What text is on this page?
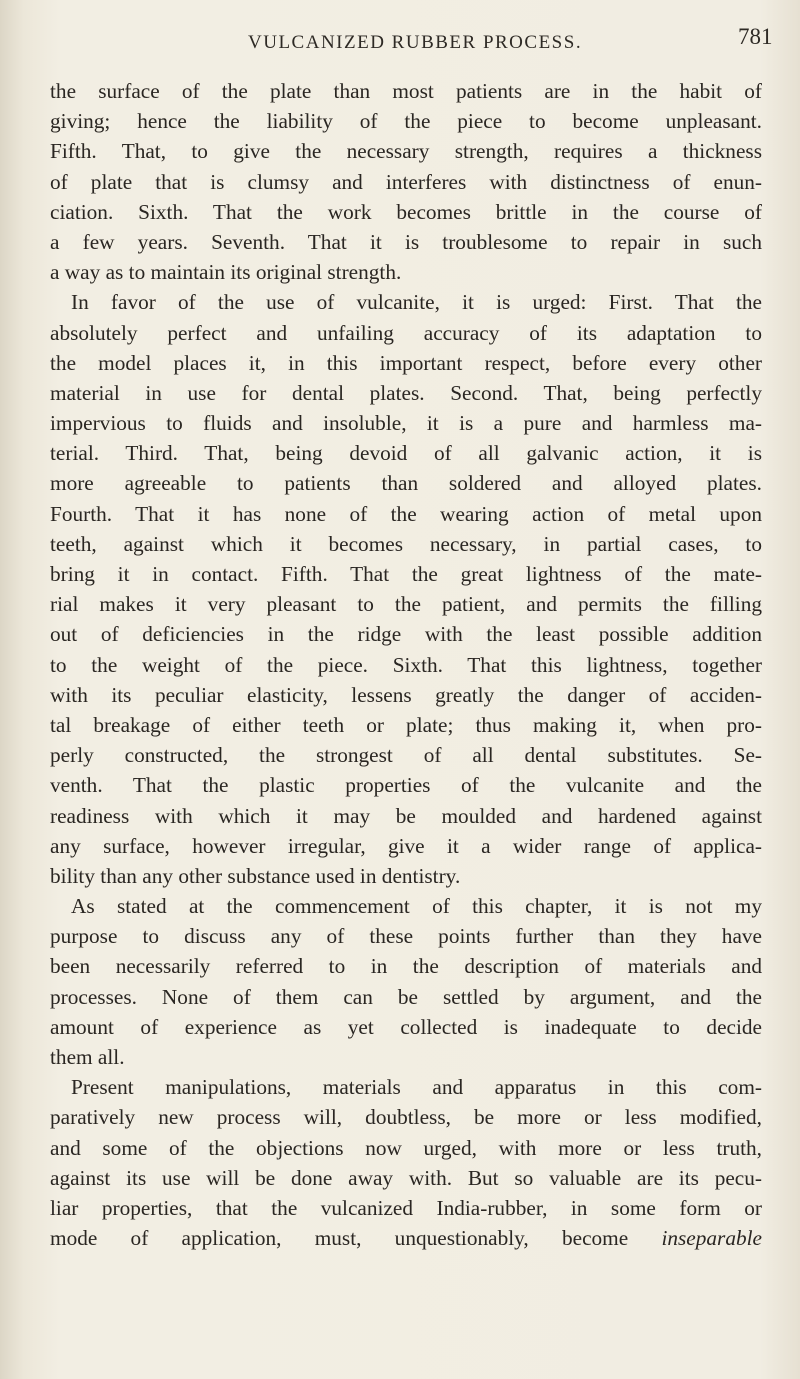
VULCANIZED RUBBER PROCESS.	781
the surface of the plate than most patients are in the habit of
giving; hence the liability of the piece to become unpleasant.
Fifth. That, to give the necessary strength, requires a thickness
of plate that is clumsy and interferes with distinctness of enun-
ciation. Sixth. That the work becomes brittle in the course of
a few years. Seventh. That it is troublesome to repair in such
a way as to maintain its original strength.
In favor of the use of vulcanite, it is urged: First. That the
absolutely perfect and unfailing accuracy of its adaptation to
the model places it, in this important respect, before every other
material in use for dental plates. Second. That, being perfectly
impervious to fluids and insoluble, it is a pure and harmless ma-
terial. Third. That, being devoid of all galvanic action, it is
more agreeable to patients than soldered and alloyed plates.
Fourth. That it has none of the wearing action of metal upon
teeth, against which it becomes necessary, in partial cases, to
bring it in contact. Fifth. That the great lightness of the mate-
rial makes it very pleasant to the patient, and permits the filling
out of deficiencies in the ridge with the least possible addition
to the weight of the piece. Sixth. That this lightness, together
with its peculiar elasticity, lessens greatly the danger of acciden-
tal breakage of either teeth or plate; thus making it, when pro-
perly constructed, the strongest of all dental substitutes. Se-
venth. That the plastic properties of the vulcanite and the
readiness with which it may be moulded and hardened against
any surface, however irregular, give it a wider range of applica-
bility than any other substance used in dentistry.
As stated at the commencement of this chapter, it is not my
purpose to discuss any of these points further than they have
been necessarily referred to in the description of materials and
processes. None of them can be settled by argument, and the
amount of experience as yet collected is inadequate to decide
them all.
Present manipulations, materials and apparatus in this com-
paratively new process will, doubtless, be more or less modified,
and some of the objections now urged, with more or less truth,
against its use will be done away with. But so valuable are its pecu-
liar properties, that the vulcanized India-rubber, in some form or
mode of application, must, unquestionably, become inseparable
